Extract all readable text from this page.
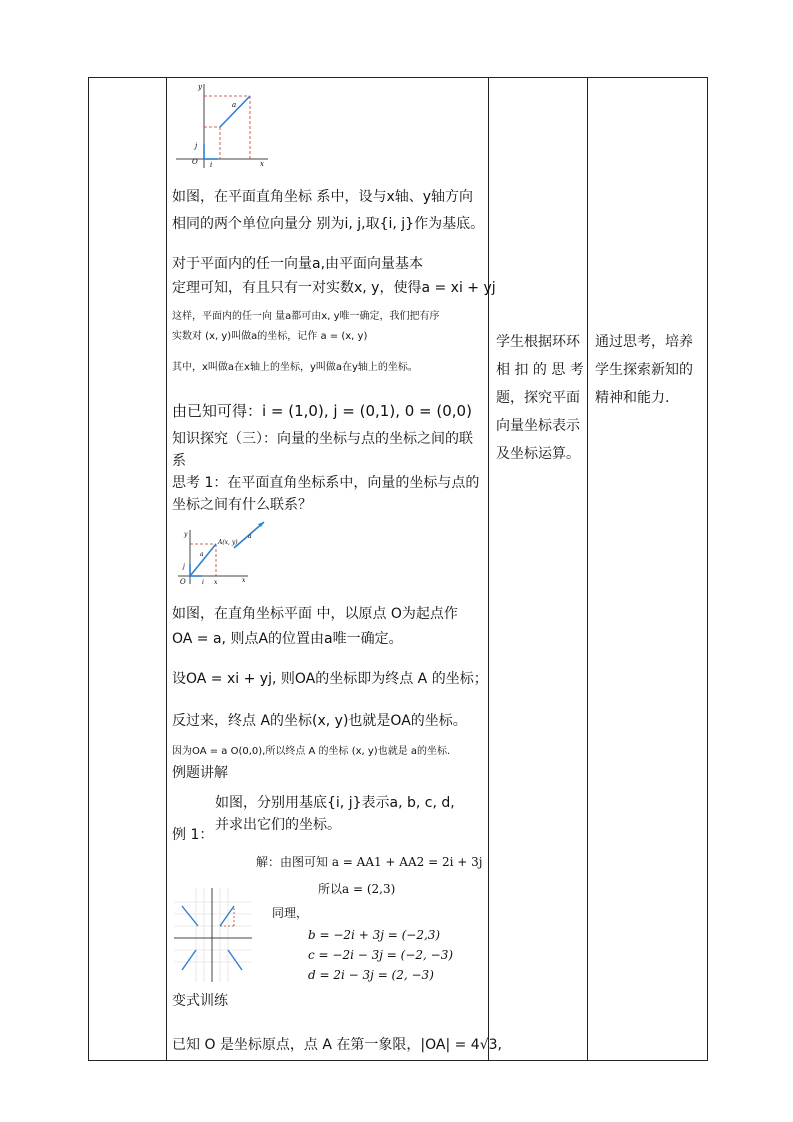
y
x
O i
j
a
如图，在平面直角坐标 系中，设与x轴、y轴方向
相同的两个单位向量分 别为i, j,取{i, j}作为基底。
对于平面内的任一向量a,由平面向量基本
定理可知，有且只有一对实数x, y，使得a = xi + yj
这样，平面内的任一向 量a都可由x, y唯一确定，我们把有序
实数对 (x, y)叫做a的坐标，记作 a = (x, y)
其中，x叫做a在x轴上的坐标，y叫做a在y轴上的坐标。
由已知可得：i = (1,0), j = (0,1), 0 = (0,0)
知识探究（三）：向量的坐标与点的坐标之间的联
系
思考 1：在平面直角坐标系中，向量的坐标与点的
坐标之间有什么联系？
y
x
O	i
j
a
A(x, y)
x
a
如图，在直角坐标平面 中，以原点 O为起点作
OA = a, 则点A的位置由a唯一确定。
设OA = xi + yj, 则OA的坐标即为终点 A 的坐标；
反过来，终点 A的坐标(x, y)也就是OA的坐标。
因为OA = a O(0,0),所以终点 A 的坐标 (x, y)也就是 a的坐标.
例题讲解
如图，分别用基底{i, j}表示a, b, c, d,
并求出它们的坐标。
例 1：
解：由图可知 a = AA1 + AA2 = 2i + 3j
所以a = (2,3)
同理，
b = −2i + 3j = (−2,3)
c = −2i − 3j = (−2, −3)
d = 2i − 3j = (2, −3)
变式训练
已知 O 是坐标原点，点 A 在第一象限，|OA| = 4√3,
学生根据环环
相 扣 的 思 考
题，探究平面
向量坐标表示
及坐标运算。
通过思考，培养
学生探索新知的
精神和能力.
